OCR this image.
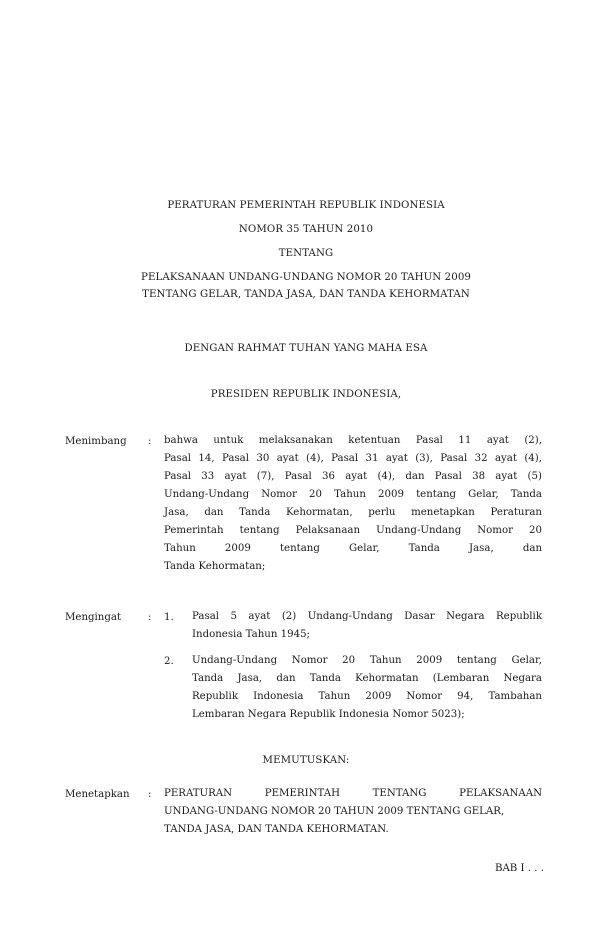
PERATURAN PEMERINTAH REPUBLIK INDONESIA
NOMOR 35 TAHUN 2010
TENTANG
PELAKSANAAN UNDANG-UNDANG NOMOR 20 TAHUN 2009
TENTANG GELAR, TANDA JASA, DAN TANDA KEHORMATAN
DENGAN RAHMAT TUHAN YANG MAHA ESA
PRESIDEN REPUBLIK INDONESIA,
Menimbang : bahwa untuk melaksanakan ketentuan Pasal 11 ayat (2),
Pasal 14, Pasal 30 ayat (4), Pasal 31 ayat (3), Pasal 32 ayat (4),
Pasal 33 ayat (7), Pasal 36 ayat (4), dan Pasal 38 ayat (5)
Undang-Undang Nomor 20 Tahun 2009 tentang Gelar, Tanda
Jasa, dan Tanda Kehormatan, perlu menetapkan Peraturan
Pemerintah tentang Pelaksanaan Undang-Undang Nomor 20
Tahun 2009 tentang Gelar, Tanda Jasa, dan
Tanda Kehormatan;
Mengingat	: 1. Pasal 5 ayat (2) Undang-Undang Dasar Negara Republik
Indonesia Tahun 1945;
2. Undang-Undang Nomor 20 Tahun 2009 tentang Gelar,
Tanda Jasa, dan Tanda Kehormatan (Lembaran Negara
Republik Indonesia Tahun 2009 Nomor 94, Tambahan
Lembaran Negara Republik Indonesia Nomor 5023);
MEMUTUSKAN:
Menetapkan : PERATURAN PEMERINTAH TENTANG PELAKSANAAN
UNDANG-UNDANG NOMOR 20 TAHUN 2009 TENTANG GELAR,
TANDA JASA, DAN TANDA KEHORMATAN.
BAB I . . .
